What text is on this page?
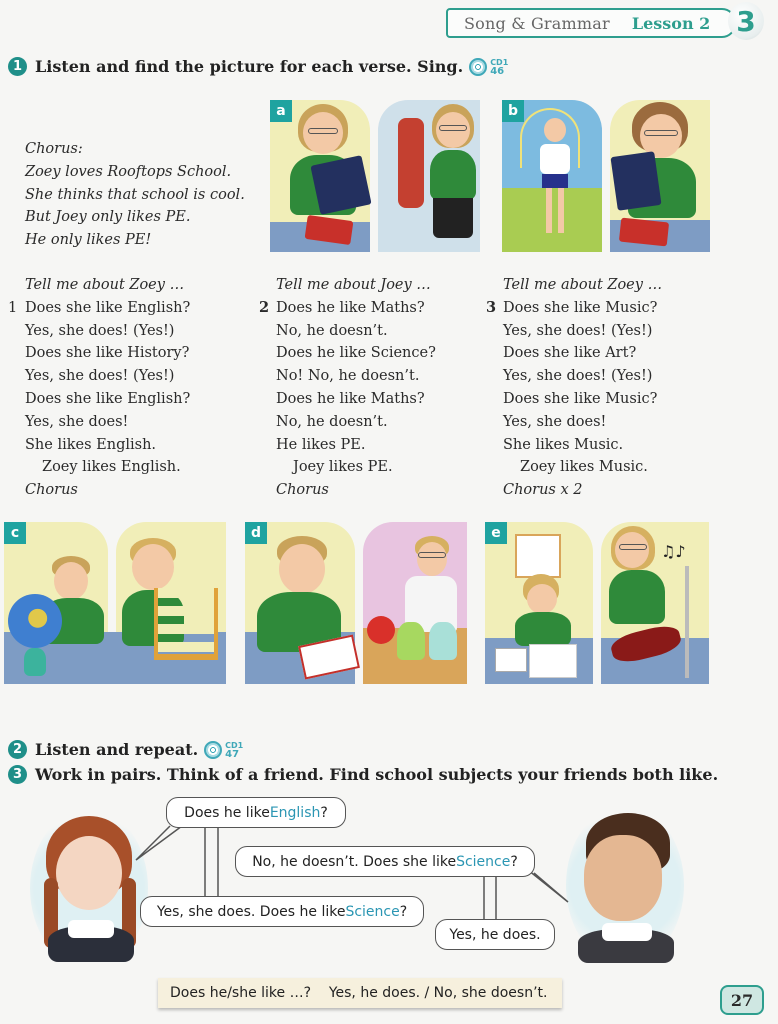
Song & Grammar Lesson 2 3
1 Listen and find the picture for each verse. Sing.	CD1
46
Chorus:
Zoey loves Rooftops School.
She thinks that school is cool.
But Joey only likes PE.
He only likes PE!
Tell me about Zoey …
1 Does she like English?
Yes, she does! (Yes!)
Does she like History?
Yes, she does! (Yes!)
Does she like English?
Yes, she does!
She likes English.
Zoey likes English.
Chorus
Tell me about Joey …
2 Does he like Maths?
No, he doesn’t.
Does he like Science?
No! No, he doesn’t.
Does he like Maths?
No, he doesn’t.
He likes PE.
Joey likes PE.
Chorus
Tell me about Zoey …
3 Does she like Music?
Yes, she does! (Yes!)
Does she like Art?
Yes, she does! (Yes!)
Does she like Music?
Yes, she does!
She likes Music.
Zoey likes Music.
Chorus x 2
a	b
c	d	e
♫♪
2 Listen and repeat.	CD1
47
3 Work in pairs. Think of a friend. Find school subjects your friends both like.
Does he like English ?
No, he doesn’t. Does she like Science ?
Yes, she does. Does he like Science ?
Yes, he does.
Does he/she like …?    Yes, he does. / No, she doesn’t.	27
